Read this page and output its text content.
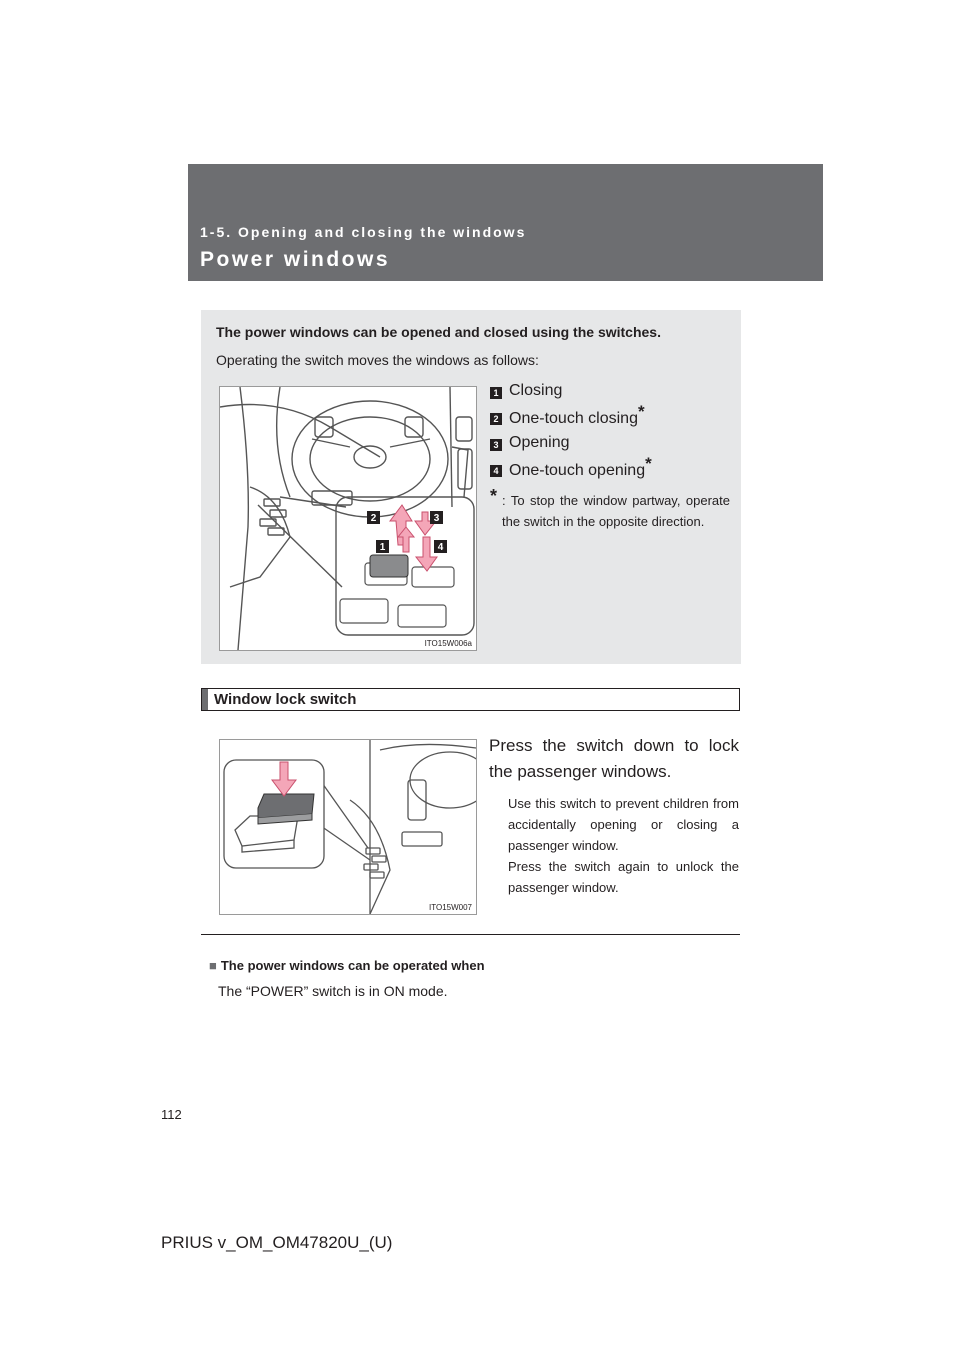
1-5. Opening and closing the windows
Power windows
The power windows can be opened and closed using the switches.
Operating the switch moves the windows as follows:
2	3
1	4
ITO15W006a
1 Closing
2 One-touch closing*
3 Opening
4 One-touch opening*
* : To stop the window partway, operate the switch in the opposite direction.
Window lock switch
ITO15W007
Press the switch down to lock the passenger windows.
Use this switch to prevent children from accidentally opening or closing a passenger window.
Press the switch again to unlock the passenger window.
■ The power windows can be operated when
The “POWER” switch is in ON mode.
112
PRIUS v_OM_OM47820U_(U)
